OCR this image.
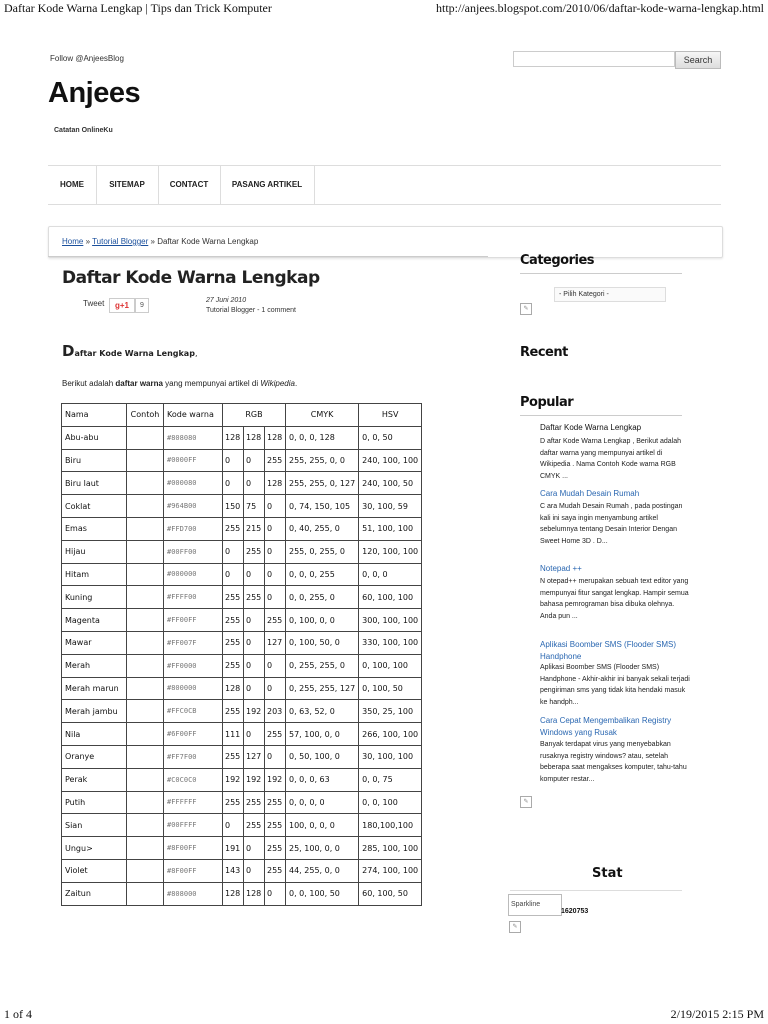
Daftar Kode Warna Lengkap | Tips dan Trick Komputer	http://anjees.blogspot.com/2010/06/daftar-kode-warna-lengkap.html
Follow @AnjeesBlog	Search
Anjees
Catatan OnlineKu
HOME	SITEMAP	CONTACT	PASANG ARTIKEL
Home » Tutorial Blogger » Daftar Kode Warna Lengkap
Daftar Kode Warna Lengkap
Tweet	g+1	9
27 Juni 2010
Tutorial Blogger - 1 comment
Daftar Kode Warna Lengkap,
Berikut adalah daftar warna yang mempunyai artikel di Wikipedia.
Nama	Contoh	Kode warna	RGB			CMYK	HSV
Abu-abu		#808080	128	128	128	0, 0, 0, 128	0, 0, 50
Biru		#0000FF	0	0	255	255, 255, 0, 0	240, 100, 100
Biru laut		#000080	0	0	128	255, 255, 0, 127	240, 100, 50
Coklat		#964B00	150	75	0	0, 74, 150, 105	30, 100, 59
Emas		#FFD700	255	215	0	0, 40, 255, 0	51, 100, 100
Hijau		#00FF00	0	255	0	255, 0, 255, 0	120, 100, 100
Hitam		#000000	0	0	0	0, 0, 0, 255	0, 0, 0
Kuning		#FFFF00	255	255	0	0, 0, 255, 0	60, 100, 100
Magenta		#FF00FF	255	0	255	0, 100, 0, 0	300, 100, 100
Mawar		#FF007F	255	0	127	0, 100, 50, 0	330, 100, 100
Merah		#FF0000	255	0	0	0, 255, 255, 0	0, 100, 100
Merah marun		#800000	128	0	0	0, 255, 255, 127	0, 100, 50
Merah jambu		#FFC0CB	255	192	203	0, 63, 52, 0	350, 25, 100
Nila		#6F00FF	111	0	255	57, 100, 0, 0	266, 100, 100
Oranye		#FF7F00	255	127	0	0, 50, 100, 0	30, 100, 100
Perak		#C0C0C0	192	192	192	0, 0, 0, 63	0, 0, 75
Putih		#FFFFFF	255	255	255	0, 0, 0, 0	0, 0, 100
Sian		#00FFFF	0	255	255	100, 0, 0, 0	180,100,100
Ungu>		#8F00FF	191	0	255	25, 100, 0, 0	285, 100, 100
Violet		#8F00FF	143	0	255	44, 255, 0, 0	274, 100, 100
Zaitun		#808000	128	128	0	0, 0, 100, 50	60, 100, 50
Categories
- Pilih Kategori -
✎
Recent
Popular
Daftar Kode Warna Lengkap
D aftar Kode Warna Lengkap , Berikut adalah daftar warna yang mempunyai artikel di Wikipedia . Nama Contoh Kode warna RGB CMYK ...
Cara Mudah Desain Rumah
C ara Mudah Desain Rumah , pada postingan kali ini saya ingin menyambung artikel sebelumnya tentang Desain Interior Dengan Sweet Home 3D . D...
Notepad ++
N otepad++ merupakan sebuah text editor yang mempunyai fitur sangat lengkap. Hampir semua bahasa pemrograman bisa dibuka olehnya. Anda pun ...
Aplikasi Boomber SMS (Flooder SMS) Handphone
Aplikasi Boomber SMS (Flooder SMS) Handphone - Akhir-akhir ini banyak sekali terjadi pengiriman sms yang tidak kita hendaki masuk ke handph...
Cara Cepat Mengembalikan Registry Windows yang Rusak
Banyak terdapat virus yang menyebabkan rusaknya registry windows? atau, setelah beberapa saat mengakses komputer, tahu-tahu komputer restar...
✎
Stat
Sparkline
1620753
✎
1 of 4	2/19/2015 2:15 PM
